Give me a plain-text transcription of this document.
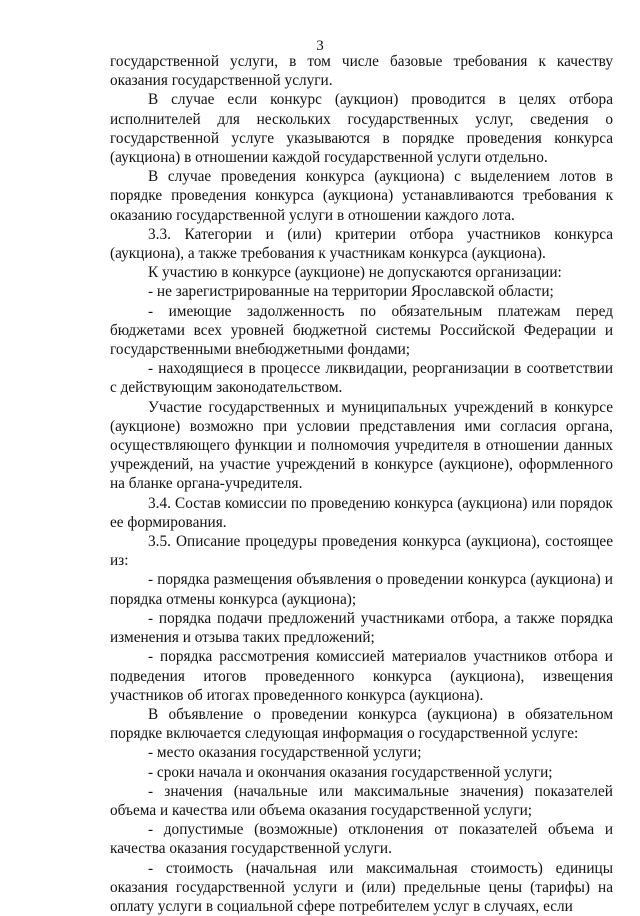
3

государственной услуги, в том числе базовые требования к качеству оказания государственной услуги.

В случае если конкурс (аукцион) проводится в целях отбора исполнителей для нескольких государственных услуг, сведения о государственной услуге указываются в порядке проведения конкурса (аукциона) в отношении каждой государственной услуги отдельно.

В случае проведения конкурса (аукциона) с выделением лотов в порядке проведения конкурса (аукциона) устанавливаются требования к оказанию государственной услуги в отношении каждого лота.

3.3. Категории и (или) критерии отбора участников конкурса (аукциона), а также требования к участникам конкурса (аукциона).

К участию в конкурсе (аукционе) не допускаются организации:

- не зарегистрированные на территории Ярославской области;

- имеющие задолженность по обязательным платежам перед бюджетами всех уровней бюджетной системы Российской Федерации и государственными внебюджетными фондами;

- находящиеся в процессе ликвидации, реорганизации в соответствии с действующим законодательством.

Участие государственных и муниципальных учреждений в конкурсе (аукционе) возможно при условии представления ими согласия органа, осуществляющего функции и полномочия учредителя в отношении данных учреждений, на участие учреждений в конкурсе (аукционе), оформленного на бланке органа-учредителя.

3.4. Состав комиссии по проведению конкурса (аукциона) или порядок ее формирования.

3.5. Описание процедуры проведения конкурса (аукциона), состоящее из:

- порядка размещения объявления о проведении конкурса (аукциона) и порядка отмены конкурса (аукциона);

- порядка подачи предложений участниками отбора, а также порядка изменения и отзыва таких предложений;

- порядка рассмотрения комиссией материалов участников отбора и подведения итогов проведенного конкурса (аукциона), извещения участников об итогах проведенного конкурса (аукциона).

В объявление о проведении конкурса (аукциона) в обязательном порядке включается следующая информация о государственной услуге:

- место оказания государственной услуги;

- сроки начала и окончания оказания государственной услуги;

- значения (начальные или максимальные значения) показателей объема и качества или объема оказания государственной услуги;

- допустимые (возможные) отклонения от показателей объема и качества оказания государственной услуги.

- стоимость (начальная или максимальная стоимость) единицы оказания государственной услуги и (или) предельные цены (тарифы) на оплату услуги в социальной сфере потребителем услуг в случаях, если
